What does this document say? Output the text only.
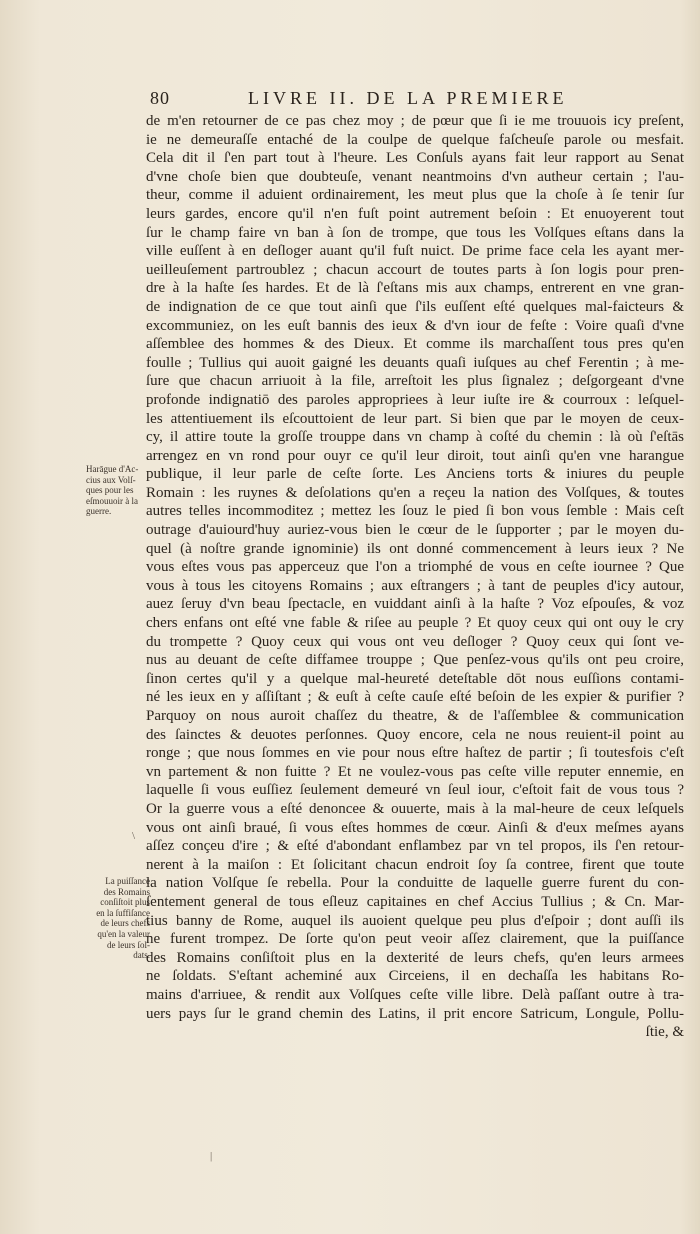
80	LIVRE II. DE LA PREMIERE
Harāgue d'Ac-
cius aux Volſ-
ques pour les
eſmouuoir à la
guerre.
La puiſſance
des Romains
conſiſtoit plus
en la ſuffiſance
de leurs chefs
qu'en la valeur
de leurs ſol-
dats.
de m'en retourner de ce pas chez moy ; de pœur que ſi ie me trouuois icy preſent,
ie ne demeuraſſe entaché de la coulpe de quelque faſcheuſe parole ou mesfait.
Cela dit il ſ'en part tout à l'heure. Les Conſuls ayans fait leur rapport au Senat
d'vne choſe bien que doubteuſe, venant neantmoins d'vn autheur certain ; l'au-
theur, comme il aduient ordinairement, les meut plus que la choſe à ſe tenir ſur
leurs gardes, encore qu'il n'en fuſt point autrement beſoin : Et enuoyerent tout
ſur le champ faire vn ban à ſon de trompe, que tous les Volſques eſtans dans la
ville euſſent à en deſloger auant qu'il fuſt nuict. De prime face cela les ayant mer-
ueilleuſement partroublez ; chacun accourt de toutes parts à ſon logis pour pren-
dre à la haſte ſes hardes. Et de là ſ'eſtans mis aux champs, entrerent en vne gran-
de indignation de ce que tout ainſi que ſ'ils euſſent eſté quelques mal-faicteurs &
excommuniez, on les euſt bannis des ieux & d'vn iour de feſte : Voire quaſi d'vne
aſſemblee des hommes & des Dieux. Et comme ils marchaſſent tous pres qu'en
foulle ; Tullius qui auoit gaigné les deuants quaſi iuſques au chef Ferentin ; à me-
ſure que chacun arriuoit à la file, arreſtoit les plus ſignalez ; deſgorgeant d'vne
profonde indignatiō des paroles appropriees à leur iuſte ire & courroux : leſquel-
les attentiuement ils eſcouttoient de leur part. Si bien que par le moyen de ceux-
cy, il attire toute la groſſe trouppe dans vn champ à coſté du chemin : là où ſ'eſtās
arrengez en vn rond pour ouyr ce qu'il leur diroit, tout ainſi qu'en vne harangue
publique, il leur parle de ceſte ſorte. Les Anciens torts & iniures du peuple
Romain : les ruynes & deſolations qu'en a reçeu la nation des Volſques, & toutes
autres telles incommoditez ; mettez les ſouz le pied ſi bon vous ſemble : Mais ceſt
outrage d'auiourd'huy auriez-vous bien le cœur de le ſupporter ; par le moyen du-
quel (à noſtre grande ignominie) ils ont donné commencement à leurs ieux ? Ne
vous eſtes vous pas apperceuz que l'on a triomphé de vous en ceſte iournee ? Que
vous à tous les citoyens Romains ; aux eſtrangers ; à tant de peuples d'icy autour,
auez ſeruy d'vn beau ſpectacle, en vuiddant ainſi à la haſte ? Voz eſpouſes, & voz
chers enfans ont eſté vne fable & riſee au peuple ? Et quoy ceux qui ont ouy le cry
du trompette ? Quoy ceux qui vous ont veu deſloger ? Quoy ceux qui ſont ve-
nus au deuant de ceſte diffamee trouppe ; Que penſez-vous qu'ils ont peu croire,
ſinon certes qu'il y a quelque mal-heureté deteſtable dōt nous euſſions contami-
né les ieux en y aſſiſtant ; & euſt à ceſte cauſe eſté beſoin de les expier & purifier ?
Parquoy on nous auroit chaſſez du theatre, & de l'aſſemblee & communication
des ſainctes & deuotes perſonnes. Quoy encore, cela ne nous reuient-il point au
ronge ; que nous ſommes en vie pour nous eſtre haſtez de partir ; ſi toutesfois c'eſt
vn partement & non fuitte ? Et ne voulez-vous pas ceſte ville reputer ennemie, en
laquelle ſi vous euſſiez ſeulement demeuré vn ſeul iour, c'eſtoit fait de vous tous ?
Or la guerre vous a eſté denoncee & ouuerte, mais à la mal-heure de ceux leſquels
vous ont ainſi braué, ſi vous eſtes hommes de cœur. Ainſi & d'eux meſmes ayans
aſſez conçeu d'ire ; & eſté d'abondant enflambez par vn tel propos, ils ſ'en retour-
nerent à la maiſon : Et ſolicitant chacun endroit ſoy ſa contree, firent que toute
la nation Volſque ſe rebella. Pour la conduitte de laquelle guerre furent du con-
ſentement general de tous eſleuz capitaines en chef Accius Tullius ; & Cn. Mar-
tius banny de Rome, auquel ils auoient quelque peu plus d'eſpoir ; dont auſſi ils
ne furent trompez. De ſorte qu'on peut veoir aſſez clairement, que la puiſſance
des Romains conſiſtoit plus en la dexterité de leurs chefs, qu'en leurs armees
ne ſoldats. S'eſtant acheminé aux Circeiens, il en dechaſſa les habitans Ro-
mains d'arriuee, & rendit aux Volſques ceſte ville libre. Delà paſſant outre à tra-
uers pays ſur le grand chemin des Latins, il prit encore Satricum, Longule, Pollu-
ſtie, &
\
|
